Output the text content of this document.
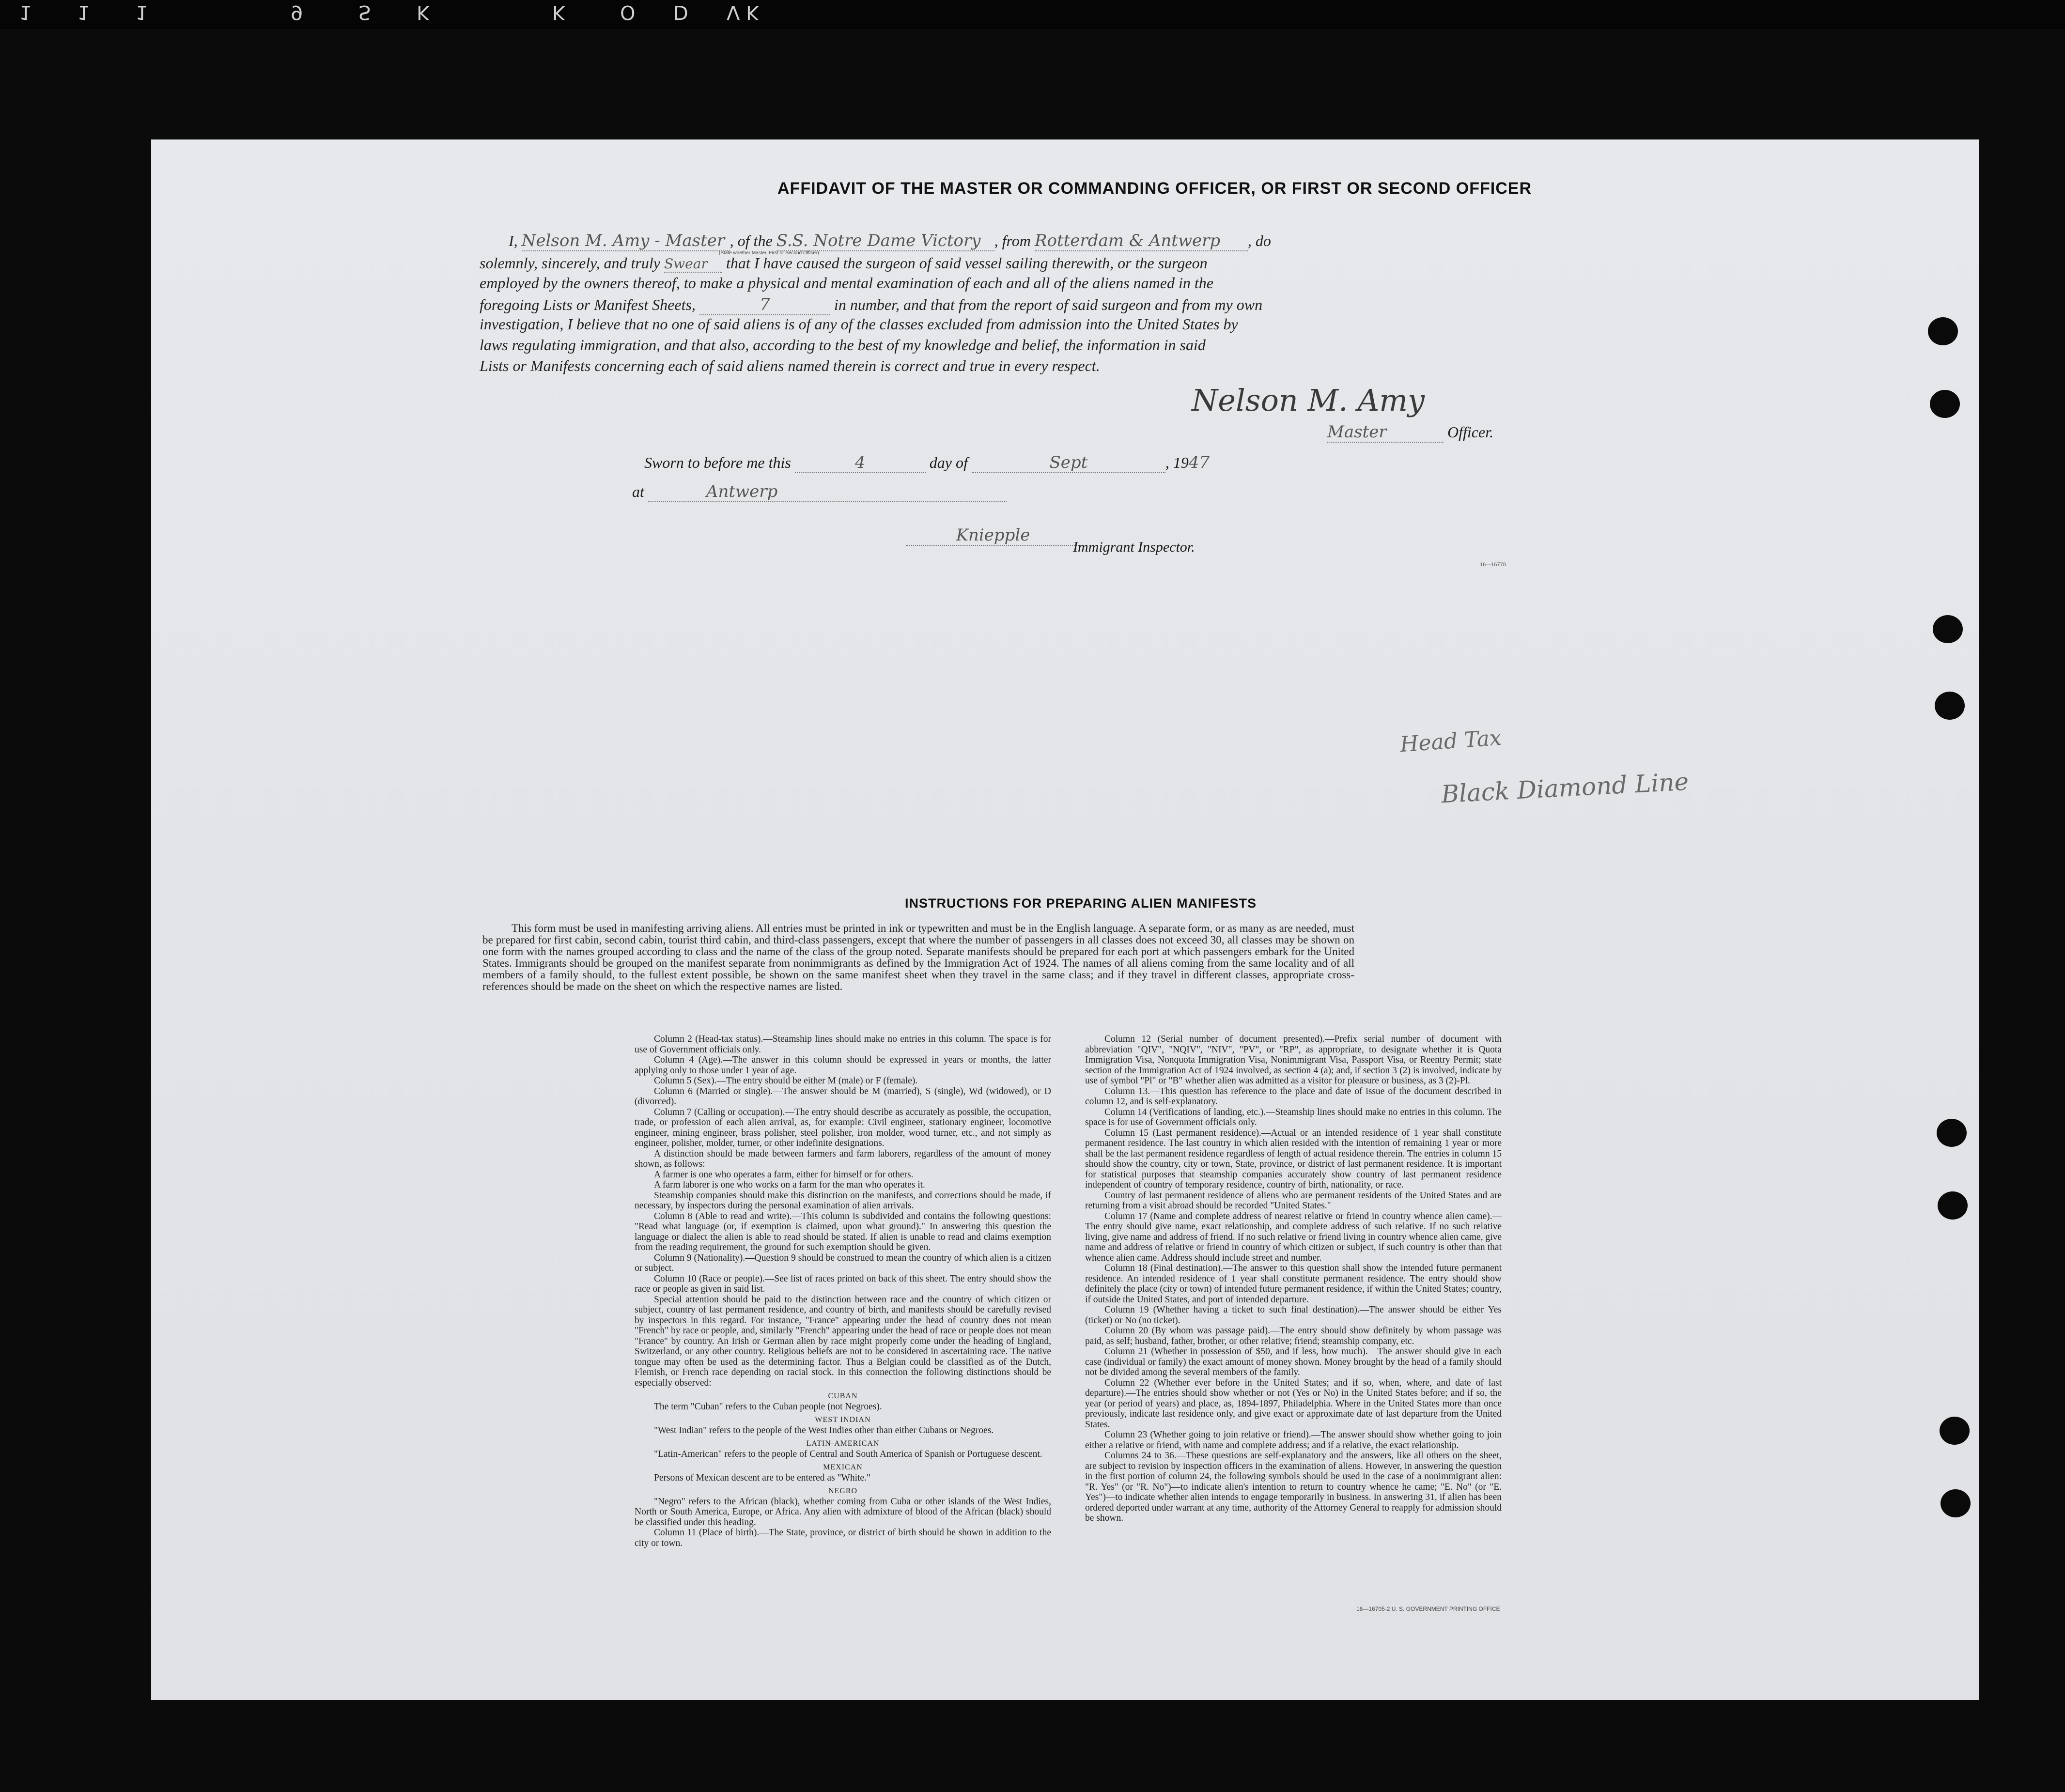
1 1 1	9	S K	K	O D V K
AFFIDAVIT OF THE MASTER OR COMMANDING OFFICER, OR FIRST OR SECOND OFFICER
I, Nelson M. Amy - Master , of the S.S. Notre Dame Victory , from Rotterdam & Antwerp , do
(State whether Master, First or Second Officer)
solemnly, sincerely, and truly Swear that I have caused the surgeon of said vessel sailing therewith, or the surgeon
employed by the owners thereof, to make a physical and mental examination of each and all of the aliens named in the
foregoing Lists or Manifest Sheets,	7	in number, and that from the report of said surgeon and from my own
investigation, I believe that no one of said aliens is of any of the classes excluded from admission into the United States by
laws regulating immigration, and that also, according to the best of my knowledge and belief, the information in said
Lists or Manifests concerning each of said aliens named therein is correct and true in every respect.
Nelson M. Amy
Master	Officer.
Sworn to before me this	4	day of	Sept	, 1947
at	Antwerp
Kniepple
Immigrant Inspector.
16—16778
Head Tax
Black Diamond Line
INSTRUCTIONS FOR PREPARING ALIEN MANIFESTS
This form must be used in manifesting arriving aliens. All entries must be printed in ink or typewritten and must be in the English language. A separate form, or as many as are needed, must be prepared for first cabin, second cabin, tourist third cabin, and third-class passengers, except that where the number of passengers in all classes does not exceed 30, all classes may be shown on one form with the names grouped according to class and the name of the class of the group noted. Separate manifests should be prepared for each port at which passengers embark for the United States. Immigrants should be grouped on the manifest separate from nonimmigrants as defined by the Immigration Act of 1924. The names of all aliens coming from the same locality and of all members of a family should, to the fullest extent possible, be shown on the same manifest sheet when they travel in the same class; and if they travel in different classes, appropriate cross-references should be made on the sheet on which the respective names are listed.

Column 2 (Head-tax status).—Steamship lines should make no entries in this column. The space is for use of Government officials only.

Column 4 (Age).—The answer in this column should be expressed in years or months, the latter applying only to those under 1 year of age.

Column 5 (Sex).—The entry should be either M (male) or F (female).

Column 6 (Married or single).—The answer should be M (married), S (single), Wd (widowed), or D (divorced).

Column 7 (Calling or occupation).—The entry should describe as accurately as possible, the occupation, trade, or profession of each alien arrival, as, for example: Civil engineer, stationary engineer, locomotive engineer, mining engineer, brass polisher, steel polisher, iron molder, wood turner, etc., and not simply as engineer, polisher, molder, turner, or other indefinite designations.

A distinction should be made between farmers and farm laborers, regardless of the amount of money shown, as follows:

A farmer is one who operates a farm, either for himself or for others.

A farm laborer is one who works on a farm for the man who operates it.

Steamship companies should make this distinction on the manifests, and corrections should be made, if necessary, by inspectors during the personal examination of alien arrivals.

Column 8 (Able to read and write).—This column is subdivided and contains the following questions: "Read what language (or, if exemption is claimed, upon what ground)." In answering this question the language or dialect the alien is able to read should be stated. If alien is unable to read and claims exemption from the reading requirement, the ground for such exemption should be given.

Column 9 (Nationality).—Question 9 should be construed to mean the country of which alien is a citizen or subject.

Column 10 (Race or people).—See list of races printed on back of this sheet. The entry should show the race or people as given in said list.

Special attention should be paid to the distinction between race and the country of which citizen or subject, country of last permanent residence, and country of birth, and manifests should be carefully revised by inspectors in this regard. For instance, "France" appearing under the head of country does not mean "French" by race or people, and, similarly "French" appearing under the head of race or people does not mean "France" by country. An Irish or German alien by race might properly come under the heading of England, Switzerland, or any other country. Religious beliefs are not to be considered in ascertaining race. The native tongue may often be used as the determining factor. Thus a Belgian could be classified as of the Dutch, Flemish, or French race depending on racial stock. In this connection the following distinctions should be especially observed:

CUBAN

The term "Cuban" refers to the Cuban people (not Negroes).

WEST INDIAN

"West Indian" refers to the people of the West Indies other than either Cubans or Negroes.

LATIN-AMERICAN

"Latin-American" refers to the people of Central and South America of Spanish or Portuguese descent.

MEXICAN

Persons of Mexican descent are to be entered as "White."

NEGRO

"Negro" refers to the African (black), whether coming from Cuba or other islands of the West Indies, North or South America, Europe, or Africa. Any alien with admixture of blood of the African (black) should be classified under this heading.

Column 11 (Place of birth).—The State, province, or district of birth should be shown in addition to the city or town.

Column 12 (Serial number of document presented).—Prefix serial number of document with abbreviation "QIV", "NQIV", "NIV", "PV", or "RP", as appropriate, to designate whether it is Quota Immigration Visa, Nonquota Immigration Visa, Nonimmigrant Visa, Passport Visa, or Reentry Permit; state section of the Immigration Act of 1924 involved, as section 4 (a); and, if section 3 (2) is involved, indicate by use of symbol "Pl" or "B" whether alien was admitted as a visitor for pleasure or business, as 3 (2)-Pl.

Column 13.—This question has reference to the place and date of issue of the document described in column 12, and is self-explanatory.

Column 14 (Verifications of landing, etc.).—Steamship lines should make no entries in this column. The space is for use of Government officials only.

Column 15 (Last permanent residence).—Actual or an intended residence of 1 year shall constitute permanent residence. The last country in which alien resided with the intention of remaining 1 year or more shall be the last permanent residence regardless of length of actual residence therein. The entries in column 15 should show the country, city or town, State, province, or district of last permanent residence. It is important for statistical purposes that steamship companies accurately show country of last permanent residence independent of country of temporary residence, country of birth, nationality, or race.

Country of last permanent residence of aliens who are permanent residents of the United States and are returning from a visit abroad should be recorded "United States."

Column 17 (Name and complete address of nearest relative or friend in country whence alien came).—The entry should give name, exact relationship, and complete address of such relative. If no such relative living, give name and address of friend. If no such relative or friend living in country whence alien came, give name and address of relative or friend in country of which citizen or subject, if such country is other than that whence alien came. Address should include street and number.

Column 18 (Final destination).—The answer to this question shall show the intended future permanent residence. An intended residence of 1 year shall constitute permanent residence. The entry should show definitely the place (city or town) of intended future permanent residence, if within the United States; country, if outside the United States, and port of intended departure.

Column 19 (Whether having a ticket to such final destination).—The answer should be either Yes (ticket) or No (no ticket).

Column 20 (By whom was passage paid).—The entry should show definitely by whom passage was paid, as self; husband, father, brother, or other relative; friend; steamship company, etc.

Column 21 (Whether in possession of $50, and if less, how much).—The answer should give in each case (individual or family) the exact amount of money shown. Money brought by the head of a family should not be divided among the several members of the family.

Column 22 (Whether ever before in the United States; and if so, when, where, and date of last departure).—The entries should show whether or not (Yes or No) in the United States before; and if so, the year (or period of years) and place, as, 1894-1897, Philadelphia. Where in the United States more than once previously, indicate last residence only, and give exact or approximate date of last departure from the United States.

Column 23 (Whether going to join relative or friend).—The answer should show whether going to join either a relative or friend, with name and complete address; and if a relative, the exact relationship.

Columns 24 to 36.—These questions are self-explanatory and the answers, like all others on the sheet, are subject to revision by inspection officers in the examination of aliens. However, in answering the question in the first portion of column 24, the following symbols should be used in the case of a nonimmigrant alien: "R. Yes" (or "R. No")—to indicate alien's intention to return to country whence he came; "E. No" (or "E. Yes")—to indicate whether alien intends to engage temporarily in business. In answering 31, if alien has been ordered deported under warrant at any time, authority of the Attorney General to reapply for admission should be shown.

16—16705-2 U. S. GOVERNMENT PRINTING OFFICE
